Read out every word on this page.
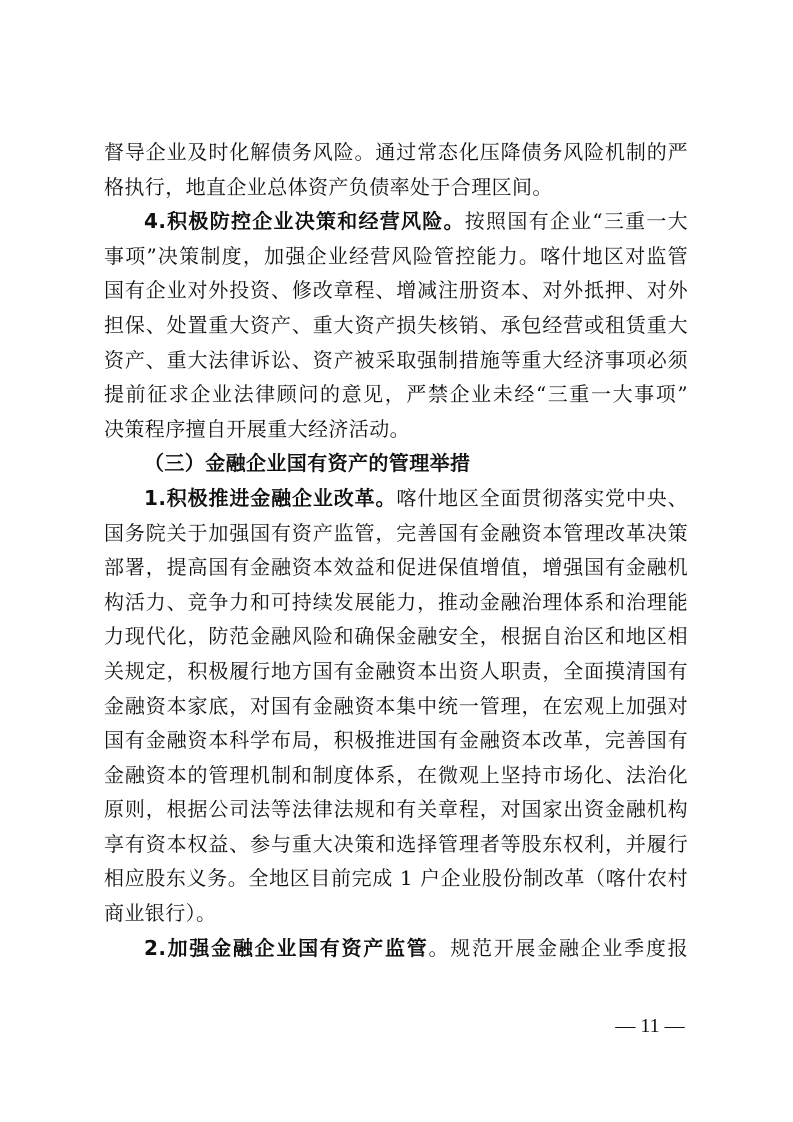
督导企业及时化解债务风险。通过常态化压降债务风险机制的严
格执行，地直企业总体资产负债率处于合理区间。
4.积极防控企业决策和经营风险。按照国有企业“三重一大
事项”决策制度，加强企业经营风险管控能力。喀什地区对监管
国有企业对外投资、修改章程、增减注册资本、对外抵押、对外
担保、处置重大资产、重大资产损失核销、承包经营或租赁重大
资产、重大法律诉讼、资产被采取强制措施等重大经济事项必须
提前征求企业法律顾问的意见，严禁企业未经“三重一大事项”
决策程序擅自开展重大经济活动。
（三）金融企业国有资产的管理举措
1.积极推进金融企业改革。喀什地区全面贯彻落实党中央、
国务院关于加强国有资产监管，完善国有金融资本管理改革决策
部署，提高国有金融资本效益和促进保值增值，增强国有金融机
构活力、竞争力和可持续发展能力，推动金融治理体系和治理能
力现代化，防范金融风险和确保金融安全，根据自治区和地区相
关规定，积极履行地方国有金融资本出资人职责，全面摸清国有
金融资本家底，对国有金融资本集中统一管理，在宏观上加强对
国有金融资本科学布局，积极推进国有金融资本改革，完善国有
金融资本的管理机制和制度体系，在微观上坚持市场化、法治化
原则，根据公司法等法律法规和有关章程，对国家出资金融机构
享有资本权益、参与重大决策和选择管理者等股东权利，并履行
相应股东义务。全地区目前完成 1 户企业股份制改革（喀什农村
商业银行）。
2.加强金融企业国有资产监管。规范开展金融企业季度报
— 11 —
